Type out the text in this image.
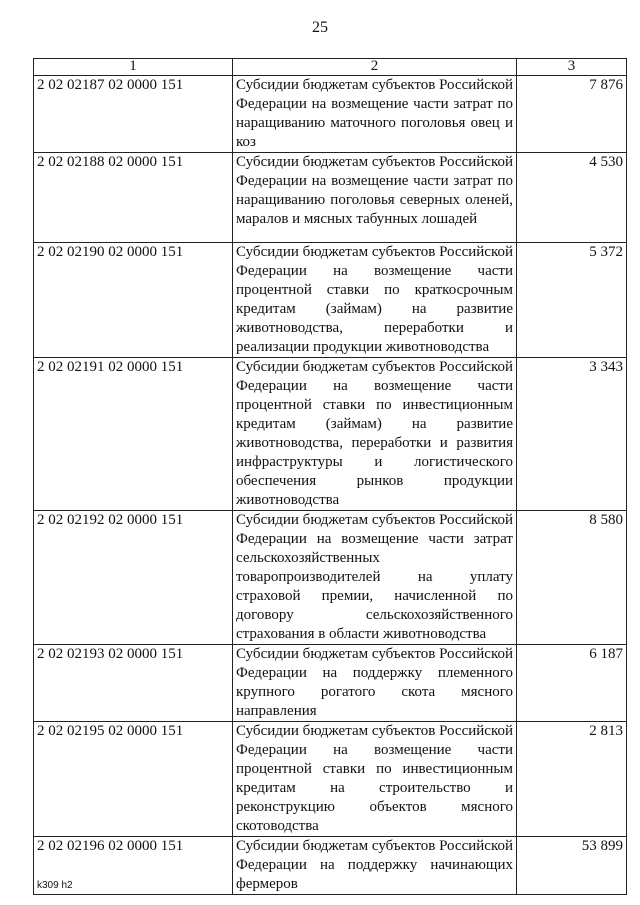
25
1	2	3
2 02 02187 02 0000 151	Субсидии бюджетам субъектов Российской Федерации на возмещение части затрат по наращиванию маточного поголовья овец и коз	7 876
2 02 02188 02 0000 151	Субсидии бюджетам субъектов Российской Федерации на возмещение части затрат по наращиванию поголовья северных оленей, маралов и мясных табунных лошадей	4 530
2 02 02190 02 0000 151	Субсидии бюджетам субъектов Российской Федерации на возмещение части процентной ставки по краткосрочным кредитам (займам) на развитие животноводства, переработки и реализации продукции животноводства	5 372
2 02 02191 02 0000 151	Субсидии бюджетам субъектов Российской Федерации на возмещение части процентной ставки по инвестиционным кредитам (займам) на развитие животноводства, переработки и развития инфраструктуры и логистического обеспечения рынков продукции животноводства	3 343
2 02 02192 02 0000 151	Субсидии бюджетам субъектов Российской Федерации на возмещение части затрат сельскохозяйственных товаропроизводителей на уплату страховой премии, начисленной по договору сельскохозяйственного страхования в области животноводства	8 580
2 02 02193 02 0000 151	Субсидии бюджетам субъектов Российской Федерации на поддержку племенного крупного рогатого скота мясного направления	6 187
2 02 02195 02 0000 151	Субсидии бюджетам субъектов Российской Федерации на возмещение части процентной ставки по инвестиционным кредитам на строительство и реконструкцию объектов мясного скотоводства	2 813
2 02 02196 02 0000 151	Субсидии бюджетам субъектов Российской Федерации на поддержку начинающих фермеров	53 899
k309 h2
